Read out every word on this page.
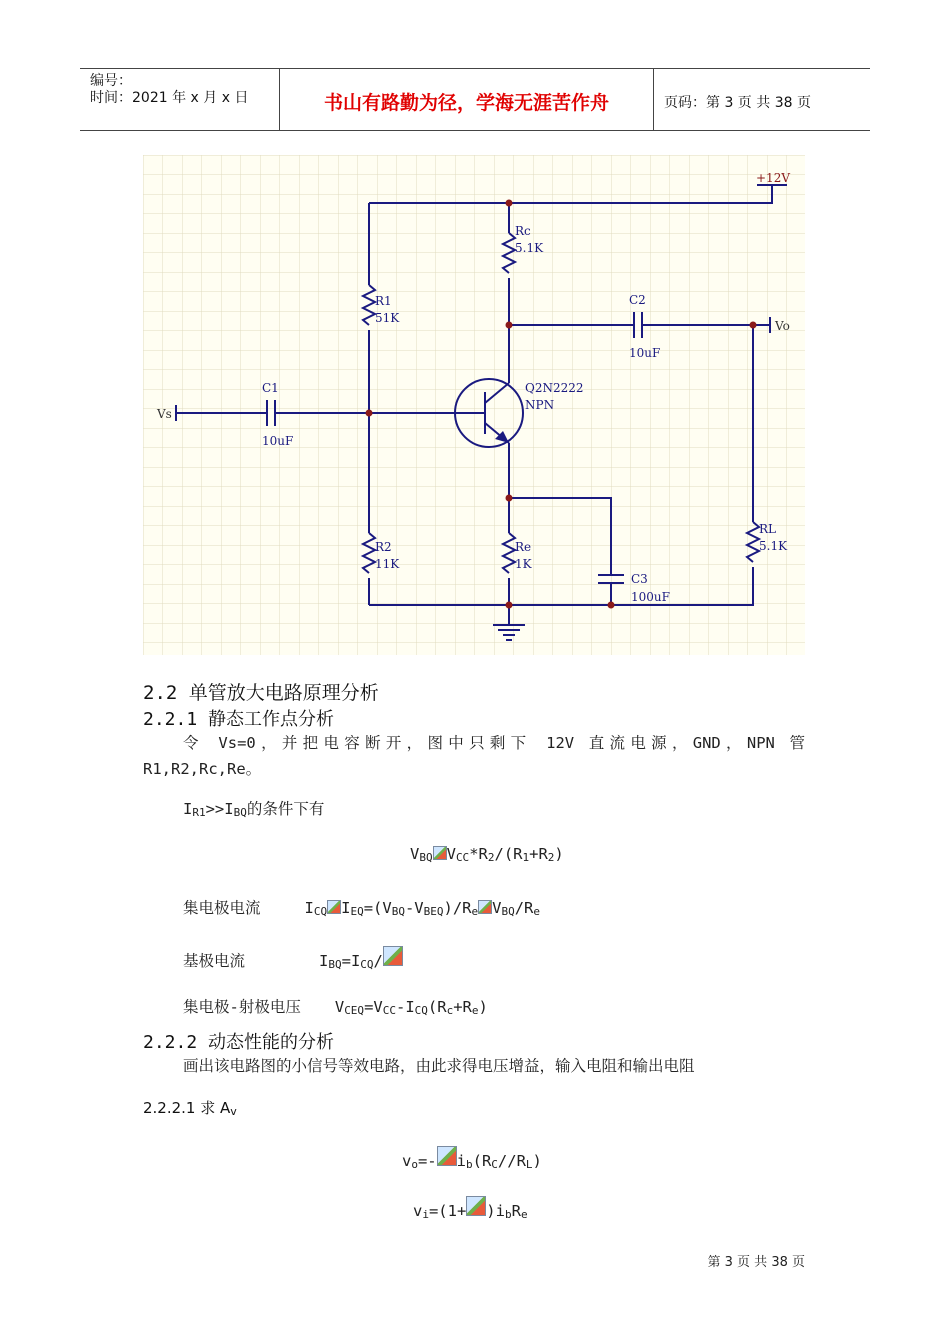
编号：
时间：2021 年 x 月 x 日	书山有路勤为径，学海无涯苦作舟	页码：第 3 页 共 38 页
+12V
Vs
Vo
C1
10uF
C2
10uF
C3
100uF
R1
51K
R2
11K
Rc
5.1K
Re
1K
RL
5.1K
Q2N2222
NPN
2.2 单管放大电路原理分析
2.2.1 静态工作点分析
令 Vs=0，并把电容断开，图中只剩下 12V 直流电源，GND，NPN 管
R1,R2,Rc,Re。
IR1>>IBQ的条件下有
VBQ VCC*R2/(R1+R2)
集电极电流	ICQ IEQ=(VBQ-VBEQ)/Re VBQ/Re
基极电流	IBQ=ICQ/
集电极-射极电压 VCEQ=VCC-ICQ(Rc+Re)
2.2.2 动态性能的分析
画出该电路图的小信号等效电路，由此求得电压增益，输入电阻和输出电阻
2.2.2.1 求 Av
vo=- ib(RC//RL)
vi=(1+ )ibRe
第 3 页 共 38 页
